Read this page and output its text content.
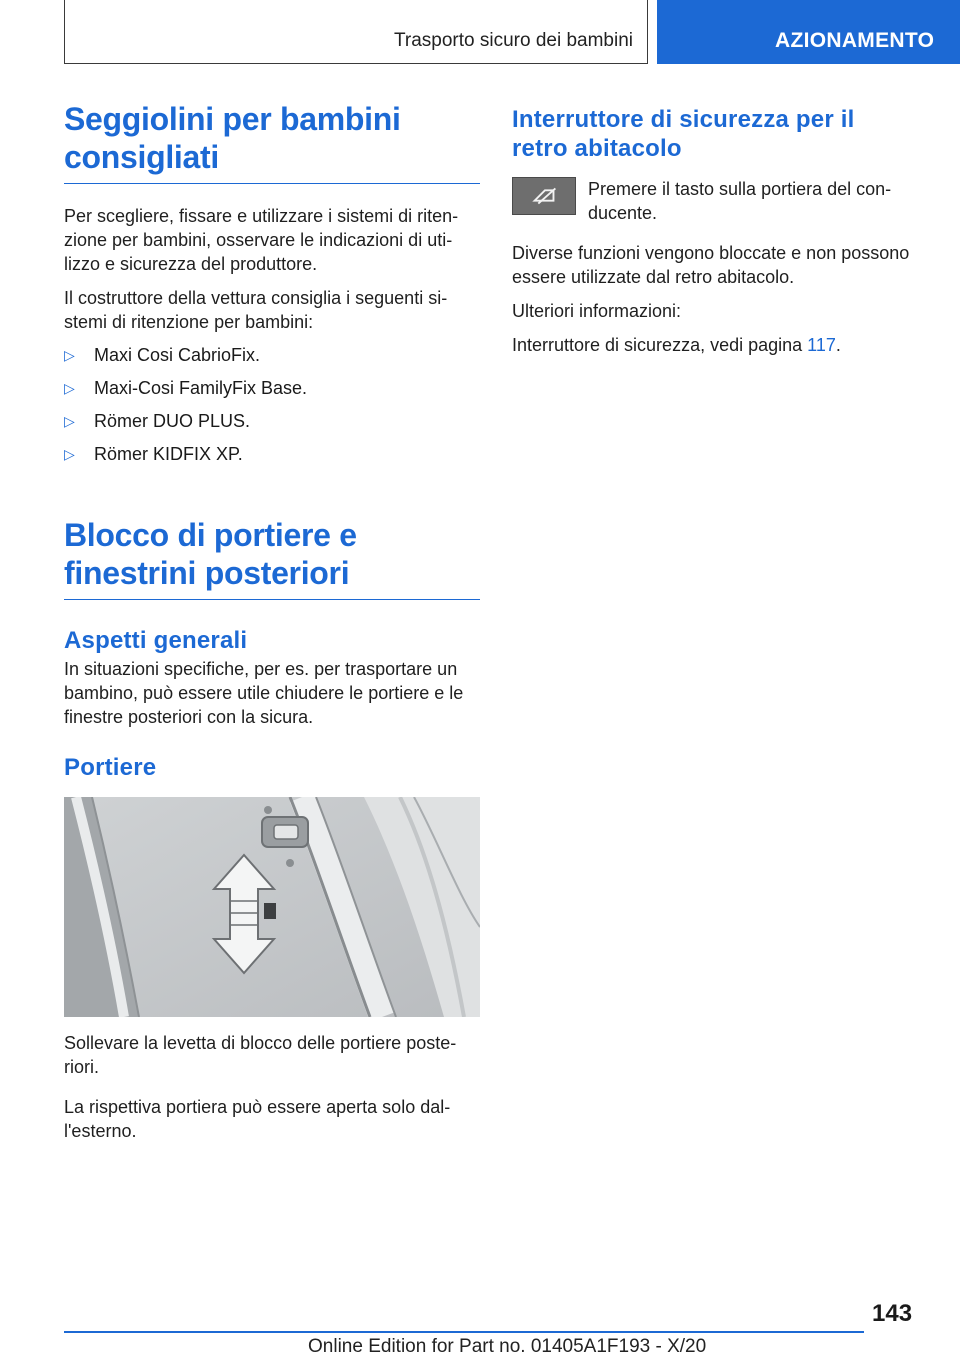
Trasporto sicuro dei bambini	AZIONAMENTO
Seggiolini per bambini consigliati

Per scegliere, fissare e utilizzare i sistemi di ritenzione per bambini, osservare le indicazioni di utilizzo e sicurezza del produttore.

Il costruttore della vettura consiglia i seguenti sistemi di ritenzione per bambini:

▷ Maxi Cosi CabrioFix.
▷ Maxi-Cosi FamilyFix Base.
▷ Römer DUO PLUS.
▷ Römer KIDFIX XP.
Blocco di portiere e finestrini posteriori
Aspetti generali

In situazioni specifiche, per es. per trasportare un bambino, può essere utile chiudere le portiere e le finestre posteriori con la sicura.

Portiere

Sollevare la levetta di blocco delle portiere posteriori.

La rispettiva portiera può essere aperta solo dall'esterno.

Interruttore di sicurezza per il retro abitacolo

Premere il tasto sulla portiera del conducente.

Diverse funzioni vengono bloccate e non possono essere utilizzate dal retro abitacolo.

Ulteriori informazioni:

Interruttore di sicurezza, vedi pagina 117.

143
Online Edition for Part no. 01405A1F193 - X/20
